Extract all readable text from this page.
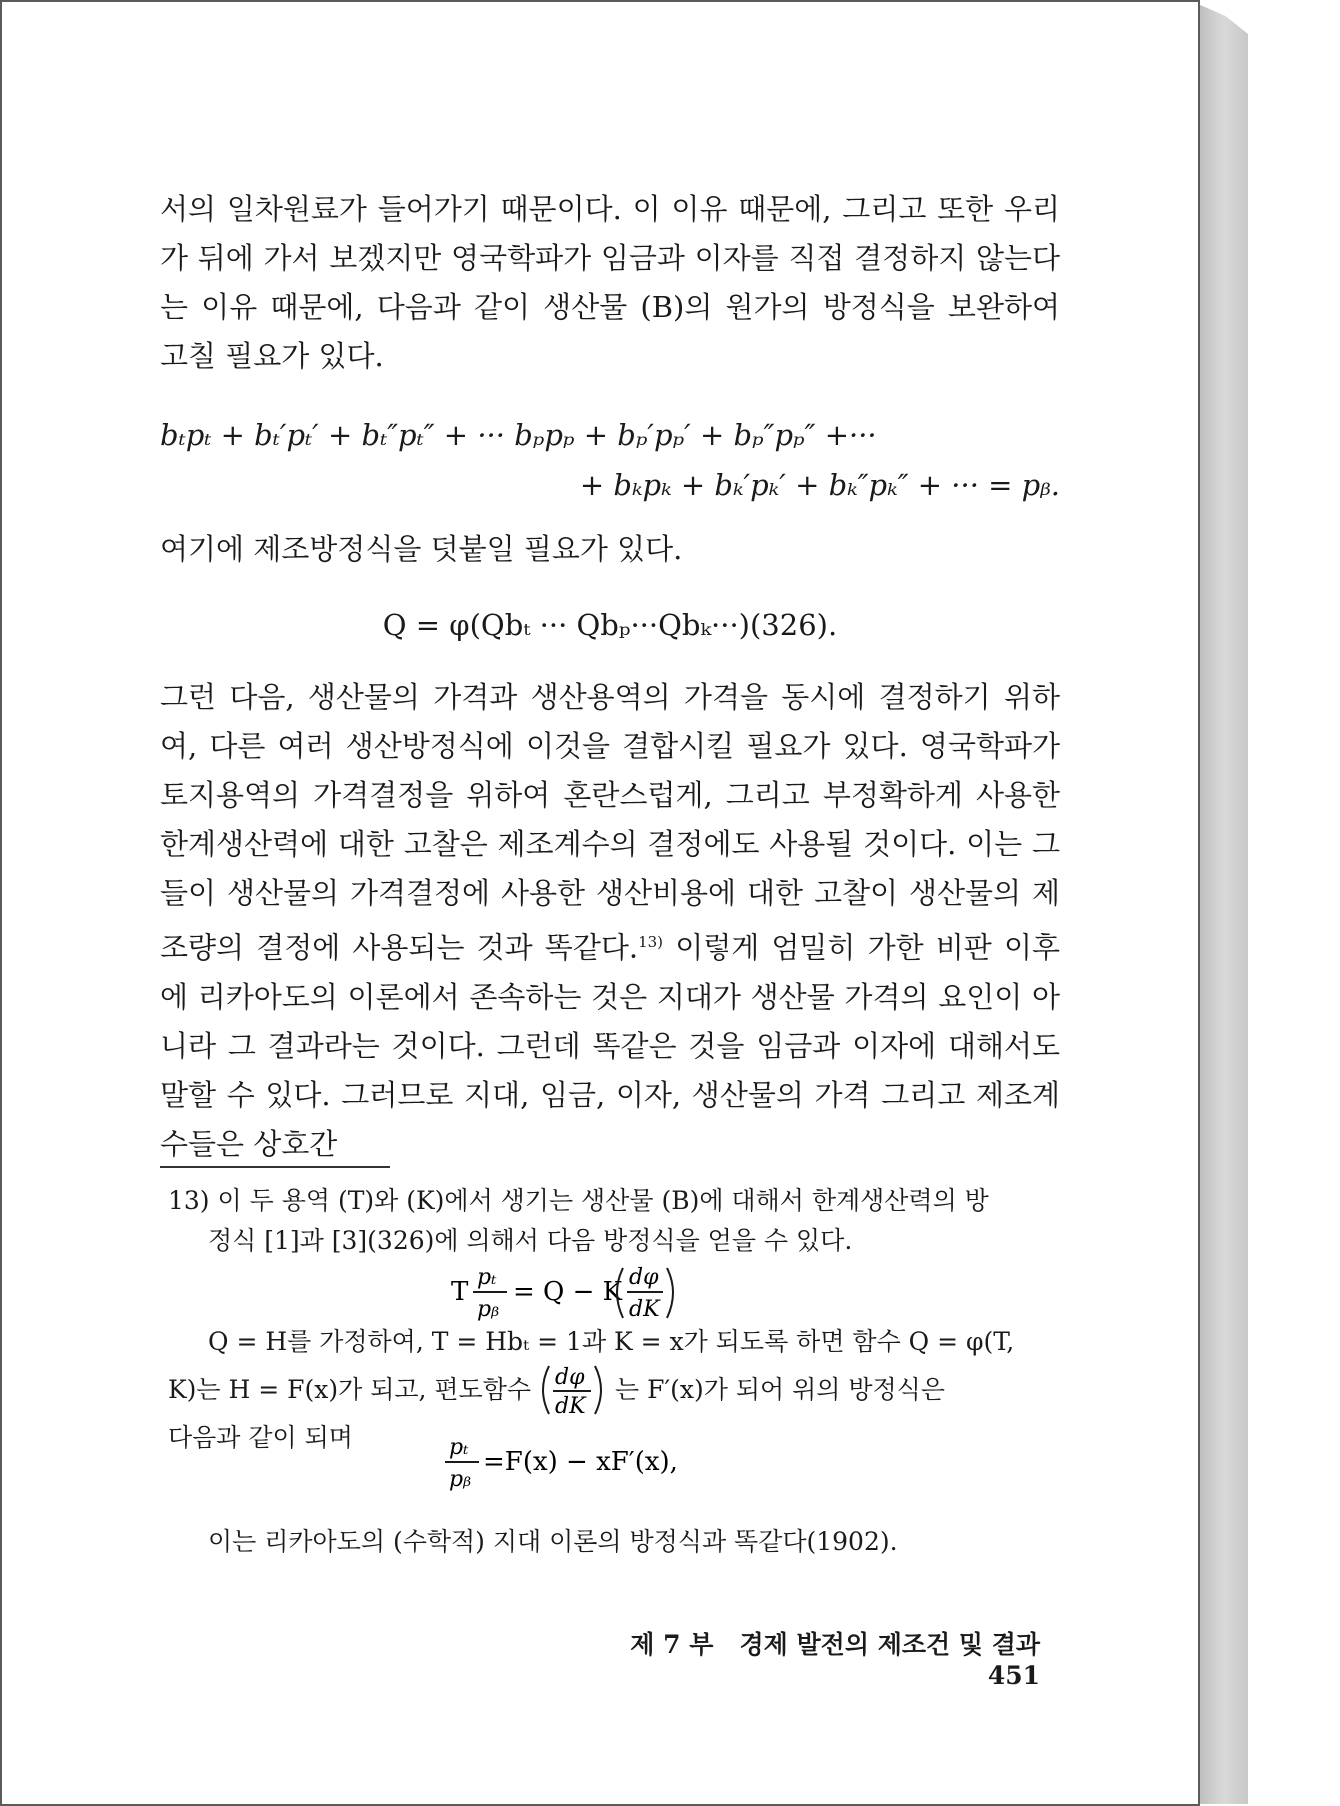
서의 일차원료가 들어가기 때문이다. 이 이유 때문에, 그리고 또한 우리가 뒤에 가서 보겠지만 영국학파가 임금과 이자를 직접 결정하지 않는다는 이유 때문에, 다음과 같이 생산물 (B)의 원가의 방정식을 보완하여 고칠 필요가 있다.

bₜpₜ + bₜ′pₜ′ + bₜ″pₜ″ + ··· bₚpₚ + bₚ′pₚ′ + bₚ″pₚ″ +···
+ bₖpₖ + bₖ′pₖ′ + bₖ″pₖ″ + ··· = pᵦ.

여기에 제조방정식을 덧붙일 필요가 있다.

Q = φ(Qbₜ ··· Qbₚ···Qbₖ···)(326).

그런 다음, 생산물의 가격과 생산용역의 가격을 동시에 결정하기 위하여, 다른 여러 생산방정식에 이것을 결합시킬 필요가 있다. 영국학파가 토지용역의 가격결정을 위하여 혼란스럽게, 그리고 부정확하게 사용한 한계생산력에 대한 고찰은 제조계수의 결정에도 사용될 것이다. 이는 그들이 생산물의 가격결정에 사용한 생산비용에 대한 고찰이 생산물의 제조량의 결정에 사용되는 것과 똑같다.$^{13)}$ 이렇게 엄밀히 가한 비판 이후에 리카아도의 이론에서 존속하는 것은 지대가 생산물 가격의 요인이 아니라 그 결과라는 것이다. 그런데 똑같은 것을 임금과 이자에 대해서도 말할 수 있다. 그러므로 지대, 임금, 이자, 생산물의 가격 그리고 제조계수들은 상호간

13) 이 두 용역 (T)와 (K)에서 생기는 생산물 (B)에 대해서 한계생산력의 방
정식 [1]과 [3](326)에 의해서 다음 방정식을 얻을 수 있다.
T pₜ
pᵦ
= Q − K dφ
dK
Q = H를 가정하여, T = Hbₜ = 1과 K = x가 되도록 하면 함수 Q = φ(T,
K)는 H = F(x)가 되고, 편도함수 dφ
dK
는 F′(x)가 되어 위의 방정식은
다음과 같이 되며	pₜ
pᵦ
=F(x) − xF′(x),
이는 리카아도의 (수학적) 지대 이론의 방정식과 똑같다(1902).
제 7 부 경제 발전의 제조건 및 결과   451
